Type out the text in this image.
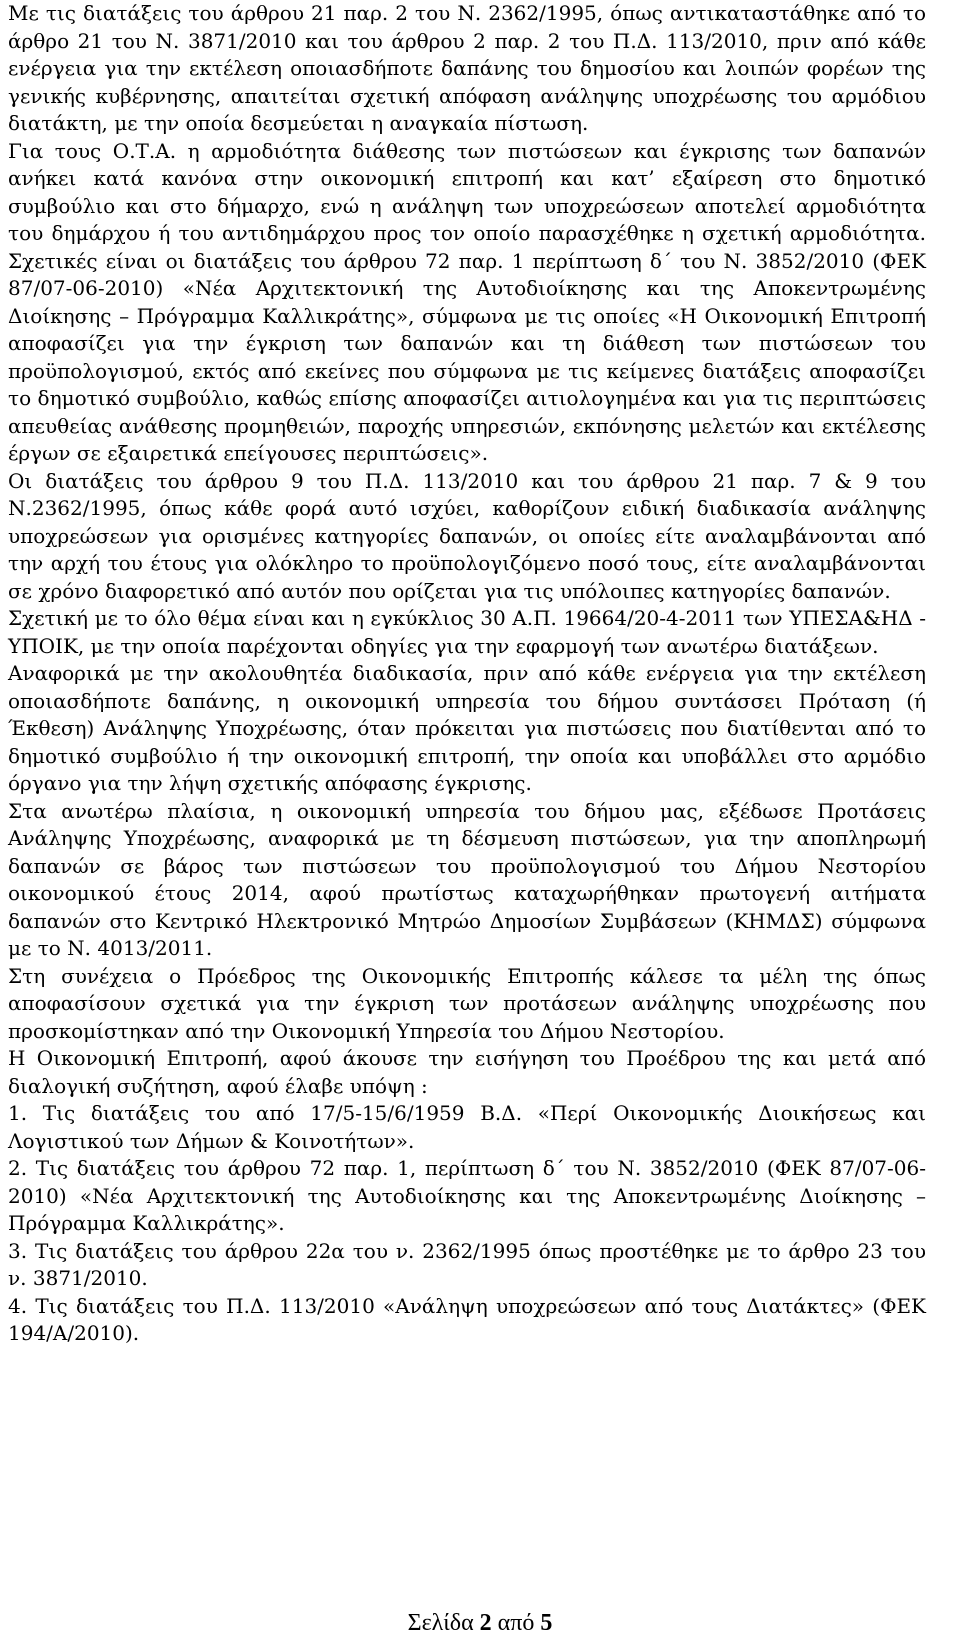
Με τις διατάξεις του άρθρου 21 παρ. 2 του Ν. 2362/1995, όπως αντικαταστάθηκε από το άρθρο 21 του Ν. 3871/2010 και του άρθρου 2 παρ. 2 του Π.Δ. 113/2010, πριν από κάθε ενέργεια για την εκτέλεση οποιασδήποτε δαπάνης του δημοσίου και λοιπών φορέων της γενικής κυβέρνησης, απαιτείται σχετική απόφαση ανάληψης υποχρέωσης του αρμόδιου διατάκτη, με την οποία δεσμεύεται η αναγκαία πίστωση.

Για τους Ο.Τ.Α. η αρμοδιότητα διάθεσης των πιστώσεων και έγκρισης των δαπανών ανήκει κατά κανόνα στην οικονομική επιτροπή και κατ’ εξαίρεση στο δημοτικό συμβούλιο και στο δήμαρχο, ενώ η ανάληψη των υποχρεώσεων αποτελεί αρμοδιότητα του δημάρχου ή του αντιδημάρχου προς τον οποίο παρασχέθηκε η σχετική αρμοδιότητα. Σχετικές είναι οι διατάξεις του άρθρου 72 παρ. 1 περίπτωση δ΄ του Ν. 3852/2010 (ΦΕΚ 87/07-06-2010) «Νέα Αρχιτεκτονική της Αυτοδιοίκησης και της Αποκεντρωμένης Διοίκησης – Πρόγραμμα Καλλικράτης», σύμφωνα με τις οποίες «Η Οικονομική Επιτροπή αποφασίζει για την έγκριση των δαπανών και τη διάθεση των πιστώσεων του προϋπολογισμού, εκτός από εκείνες που σύμφωνα με τις κείμενες διατάξεις αποφασίζει το δημοτικό συμβούλιο, καθώς επίσης αποφασίζει αιτιολογημένα και για τις περιπτώσεις απευθείας ανάθεσης προμηθειών, παροχής υπηρεσιών, εκπόνησης μελετών και εκτέλεσης έργων σε εξαιρετικά επείγουσες περιπτώσεις».

Οι διατάξεις του άρθρου 9 του Π.Δ. 113/2010 και του άρθρου 21 παρ. 7 & 9 του Ν.2362/1995, όπως κάθε φορά αυτό ισχύει, καθορίζουν ειδική διαδικασία ανάληψης υποχρεώσεων για ορισμένες κατηγορίες δαπανών, οι οποίες είτε αναλαμβάνονται από την αρχή του έτους για ολόκληρο το προϋπολογιζόμενο ποσό τους, είτε αναλαμβάνονται σε χρόνο διαφορετικό από αυτόν που ορίζεται για τις υπόλοιπες κατηγορίες δαπανών.

Σχετική με το όλο θέμα είναι και η εγκύκλιος 30 Α.Π. 19664/20-4-2011 των ΥΠΕΣΑ&ΗΔ - ΥΠΟΙΚ, με την οποία παρέχονται οδηγίες για την εφαρμογή των ανωτέρω διατάξεων.

Αναφορικά με την ακολουθητέα διαδικασία, πριν από κάθε ενέργεια για την εκτέλεση οποιασδήποτε δαπάνης, η οικονομική υπηρεσία του δήμου συντάσσει Πρόταση (ή Έκθεση) Ανάληψης Υποχρέωσης, όταν πρόκειται για πιστώσεις που διατίθενται από το δημοτικό συμβούλιο ή την οικονομική επιτροπή, την οποία και υποβάλλει στο αρμόδιο όργανο για την λήψη σχετικής απόφασης έγκρισης.

Στα ανωτέρω πλαίσια, η οικονομική υπηρεσία του δήμου μας, εξέδωσε Προτάσεις Ανάληψης Υποχρέωσης, αναφορικά με τη δέσμευση πιστώσεων, για την αποπληρωμή δαπανών σε βάρος των πιστώσεων του προϋπολογισμού του Δήμου Νεστορίου οικονομικού έτους 2014, αφού πρωτίστως καταχωρήθηκαν πρωτογενή αιτήματα δαπανών στο Κεντρικό Ηλεκτρονικό Μητρώο Δημοσίων Συμβάσεων (ΚΗΜΔΣ) σύμφωνα με το Ν. 4013/2011.

Στη συνέχεια ο Πρόεδρος της Οικονομικής Επιτροπής κάλεσε τα μέλη της όπως αποφασίσουν σχετικά για την έγκριση των προτάσεων ανάληψης υποχρέωσης που προσκομίστηκαν από την Οικονομική Υπηρεσία του Δήμου Νεστορίου.

Η Οικονομική Επιτροπή, αφού άκουσε την εισήγηση του Προέδρου της και μετά από διαλογική συζήτηση, αφού έλαβε υπόψη :

1. Τις διατάξεις του από 17/5-15/6/1959 Β.Δ. «Περί Οικονομικής Διοικήσεως και Λογιστικού των Δήμων & Κοινοτήτων».

2. Τις διατάξεις του άρθρου 72 παρ. 1, περίπτωση δ΄ του Ν. 3852/2010 (ΦΕΚ 87/07-06-2010) «Νέα Αρχιτεκτονική της Αυτοδιοίκησης και της Αποκεντρωμένης Διοίκησης – Πρόγραμμα Καλλικράτης».

3. Τις διατάξεις του άρθρου 22α του ν. 2362/1995 όπως προστέθηκε με το άρθρο 23 του ν. 3871/2010.

4. Τις διατάξεις του Π.Δ. 113/2010 «Ανάληψη υποχρεώσεων από τους Διατάκτες» (ΦΕΚ 194/Α/2010).

Σελίδα 2 από 5
